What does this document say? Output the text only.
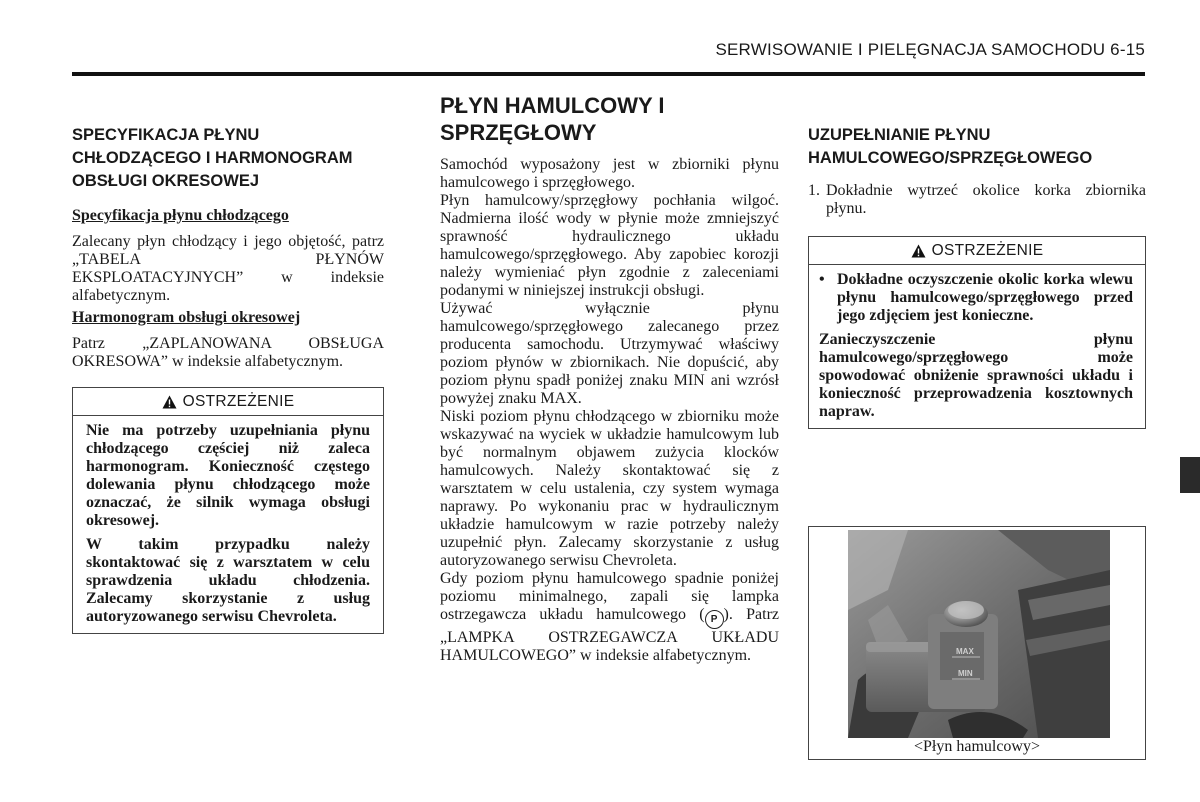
SERWISOWANIE I PIELĘGNACJA SAMOCHODU 6-15
SPECYFIKACJA PŁYNU
CHŁODZĄCEGO I HARMONOGRAM
OBSŁUGI OKRESOWEJ
Specyfikacja płynu chłodzącego

Zalecany płyn chłodzący i jego objętość, patrz „TABELA PŁYNÓW EKSPLOATACYJNYCH” w indeksie alfabetycznym.

Harmonogram obsługi okresowej

Patrz „ZAPLANOWANA OBSŁUGA OKRESOWA” w indeksie alfabetycznym.

OSTRZEŻENIE

Nie ma potrzeby uzupełniania płynu chłodzącego częściej niż zaleca harmonogram. Konieczność częstego dolewania płynu chłodzącego może oznaczać, że silnik wymaga obsługi okresowej.

W takim przypadku należy skontaktować się z warsztatem w celu sprawdzenia układu chłodzenia. Zalecamy skorzystanie z usług autoryzowanego serwisu Chevroleta.

PŁYN HAMULCOWY I
SPRZĘGŁOWY

Samochód wyposażony jest w zbiorniki płynu hamulcowego i sprzęgłowego.

Płyn hamulcowy/sprzęgłowy pochłania wilgoć. Nadmierna ilość wody w płynie może zmniejszyć sprawność hydraulicznego układu hamulcowego/sprzęgłowego. Aby zapobiec korozji należy wymieniać płyn zgodnie z zaleceniami podanymi w niniejszej instrukcji obsługi.

Używać wyłącznie płynu hamulcowego/sprzęgłowego zalecanego przez producenta samochodu. Utrzymywać właściwy poziom płynów w zbiornikach. Nie dopuścić, aby poziom płynu spadł poniżej znaku MIN ani wzrósł powyżej znaku MAX.

Niski poziom płynu chłodzącego w zbiorniku może wskazywać na wyciek w układzie hamulcowym lub być normalnym objawem zużycia klocków hamulcowych. Należy skontaktować się z warsztatem w celu ustalenia, czy system wymaga naprawy. Po wykonaniu prac w hydraulicznym układzie hamulcowym w razie potrzeby należy uzupełnić płyn. Zalecamy skorzystanie z usług autoryzowanego serwisu Chevroleta.

Gdy poziom płynu hamulcowego spadnie poniżej poziomu minimalnego, zapali się lampka ostrzegawcza układu hamulcowego ( P ). Patrz „LAMPKA OSTRZEGAWCZA UKŁADU HAMULCOWEGO” w indeksie alfabetycznym.

UZUPEŁNIANIE PŁYNU
HAMULCOWEGO/SPRZĘGŁOWEGO
1. Dokładnie wytrzeć okolice korka zbiornika płynu.
OSTRZEŻENIE
• Dokładne oczyszczenie okolic korka wlewu płynu hamulcowego/sprzęgłowego przed jego zdjęciem jest konieczne.

Zanieczyszczenie płynu hamulcowego/sprzęgłowego może spowodować obniżenie sprawności układu i konieczność przeprowadzenia kosztownych napraw.

MAX
MIN
<Płyn hamulcowy>
